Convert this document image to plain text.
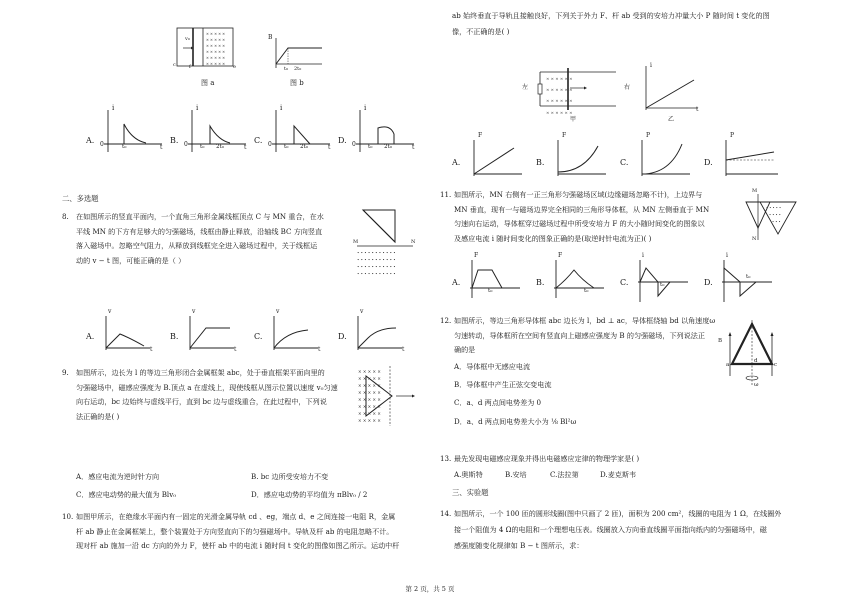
× × × × ×
× × × × ×
× × × × ×
× × × × ×
× × × × ×
× × × × ×
v₀
c	f	e
图 a
B
t₀ 2t₀
图 b
A.
i
0	t₀	t
B.
i
0 t₀ 2t₀	t
C.
i
0 t₀ 2t₀	t
D.
i
0 t₀ 2t₀	t
二、多选题
8. 在如图所示的竖直平面内，一个直角三角形金属线框顶点 C 与 MN 重合，在水

平线 MN 的下方有足够大的匀强磁场，线框由静止释放，沿轴线 BC 方向竖直

落入磁场中。忽略空气阻力，从释放到线框完全进入磁场过程中，关于线框运

动的 v − t 图，可能正确的是（ ）

• • • • • • • • • • •
• • • • • • • • • • •
• • • • • • • • • • •
• • • • • • • • • • •
M	N
A.
v
t
B.
v
t
C.
v
t
D.
v
t
9. 如图所示，边长为 l 的等边三角形闭合金属框架 abc，处于垂直框架平面向里的

匀强磁场中，磁感应强度为 B.顶点 a 在虚线上，现使线框从图示位置以速度 v₀匀速

向右运动，bc 边始终与虚线平行，直到 bc 边与虚线重合，在此过程中，下列说

法正确的是( )

× × × × ×
× × × × ×
× × × × ×
× × × × ×
× × × × ×
× × × × ×
× × × × ×
× × × × ×
A．感应电流为逆时针方向	B. bc 边所受安培力不变
C．感应电动势的最大值为 Blv₀	D．感应电动势的平均值为 πBlv₀ / 2
10. 如图甲所示，在绝缘水平面内有一固定的光滑金属导轨 cd 、eg，端点 d、e 之间连接一电阻 R，金属

杆 ab 静止在金属框架上，整个装置处于方向竖直向下的匀强磁场中。导轨及杆 ab 的电阻忽略不计。

现对杆 ab 施加一沿 dc 方向的外力 F，使杆 ab 中的电流 i 随时间 t 变化的图像如图乙所示。运动中杆

ab 始终垂直于导轨且接触良好，下列关于外力 F、杆 ab 受到的安培力冲量大小 P 随时间 t 变化的图

像，不正确的是( )

× × × × × ×
× × × × × ×
× × × × × ×
× × × × × ×
左	右
甲
i
t
乙
A.
F
B.
F
C.
P
D.
P
11. 如图所示，MN 右侧有一正三角形匀强磁场区域(边缘磁场忽略不计)，上边界与

MN 垂直，现有一与磁场边界完全相同的三角形导体框，从 MN 左侧垂直于 MN

匀速向右运动，导体框穿过磁场过程中所受安培力 F 的大小随时间变化的图象以

及感应电流 i 随时间变化的图象正确的是(取逆时针电流为正)( )

• • • • •
• • • •
• • •
M
N
A.
F
t₀
B.
F
t₀
C.
i
t₀	D.
i
t₀
12. 如图所示，等边三角形导体框 abc 边长为 l，bd ⊥ ac，导体框绕轴 bd 以角速度ω

匀速转动，导体框所在空间有竖直向上磁感应强度为 B 的匀强磁场，下列说法正

确的是

A．导体框中无感应电流
B．导体框中产生正弦交变电流
C．a、d 两点间电势差为 0
D．a、d 两点间电势差大小为 ⅛ Bl²ω
B
a	c
d
ω
13. 最先发现电磁感应现象并得出电磁感应定律的物理学家是( )

A.奥斯特	B.安培	C.法拉第	D.麦克斯韦
三、实验题
14. 如图所示，一个 100 匝的圆形线圈(图中只画了 2 匝)，面积为 200 cm²，线圈的电阻为 1 Ω，在线圈外

接一个阻值为 4 Ω的电阻和一个理想电压表。线圈放入方向垂直线圈平面指向纸内的匀强磁场中，磁

感强度随变化规律如 B − t 图所示，求：

第 2 页，共 5 页
